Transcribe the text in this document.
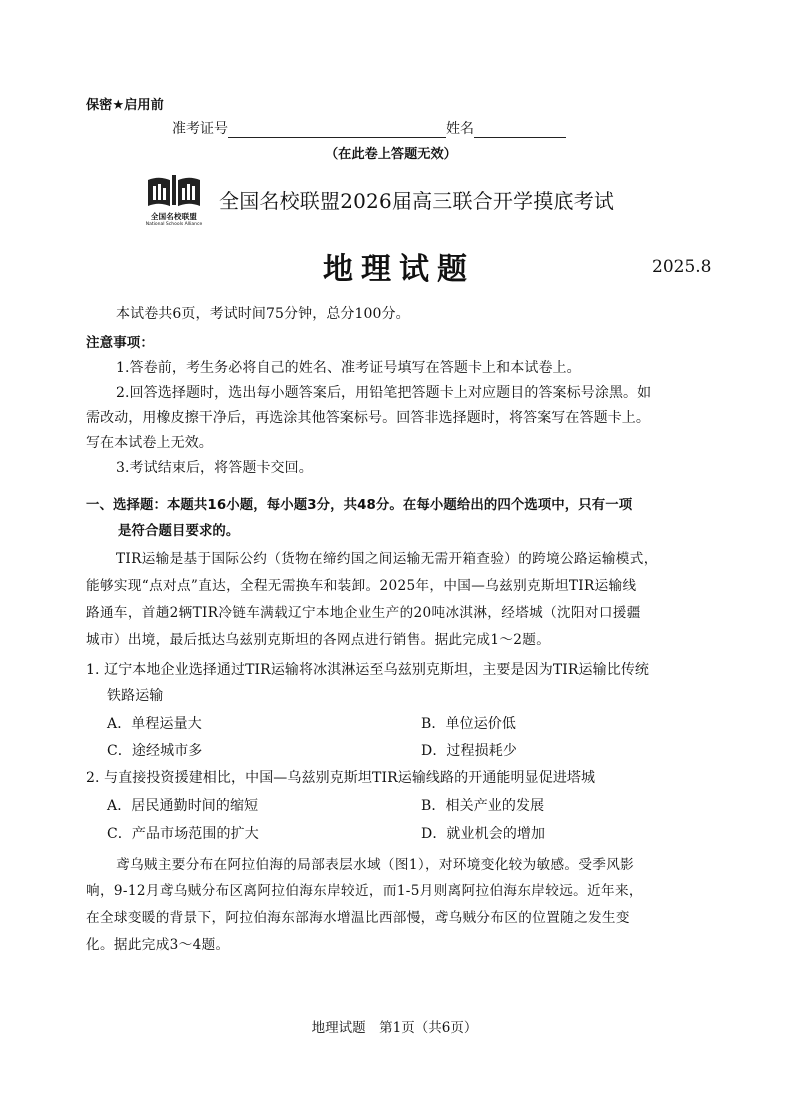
保密★启用前
准考证号	姓名
（在此卷上答题无效）
全国名校联盟
National Schools Alliance
全国名校联盟2026届高三联合开学摸底考试
地理试题	2025.8
本试卷共6页，考试时间75分钟，总分100分。
注意事项：
1.答卷前，考生务必将自己的姓名、准考证号填写在答题卡上和本试卷上。
2.回答选择题时，选出每小题答案后，用铅笔把答题卡上对应题目的答案标号涂黑。如
需改动，用橡皮擦干净后，再选涂其他答案标号。回答非选择题时，将答案写在答题卡上。
写在本试卷上无效。
3.考试结束后，将答题卡交回。
一、选择题：本题共16小题，每小题3分，共48分。在每小题给出的四个选项中，只有一项
是符合题目要求的。
TIR运输是基于国际公约（货物在缔约国之间运输无需开箱查验）的跨境公路运输模式，
能够实现“点对点”直达，全程无需换车和装卸。2025年，中国—乌兹别克斯坦TIR运输线
路通车，首趟2辆TIR冷链车满载辽宁本地企业生产的20吨冰淇淋，经塔城（沈阳对口援疆
城市）出境，最后抵达乌兹别克斯坦的各网点进行销售。据此完成1～2题。
1. 辽宁本地企业选择通过TIR运输将冰淇淋运至乌兹别克斯坦，主要是因为TIR运输比传统
铁路运输
A．单程运量大	B．单位运价低
C．途经城市多	D．过程损耗少
2. 与直接投资援建相比，中国—乌兹别克斯坦TIR运输线路的开通能明显促进塔城
A．居民通勤时间的缩短	B．相关产业的发展
C．产品市场范围的扩大	D．就业机会的增加
鸢乌贼主要分布在阿拉伯海的局部表层水域（图1），对环境变化较为敏感。受季风影
响，9-12月鸢乌贼分布区离阿拉伯海东岸较近，而1-5月则离阿拉伯海东岸较远。近年来，
在全球变暖的背景下，阿拉伯海东部海水增温比西部慢，鸢乌贼分布区的位置随之发生变
化。据此完成3～4题。
地理试题　第1页（共6页）
